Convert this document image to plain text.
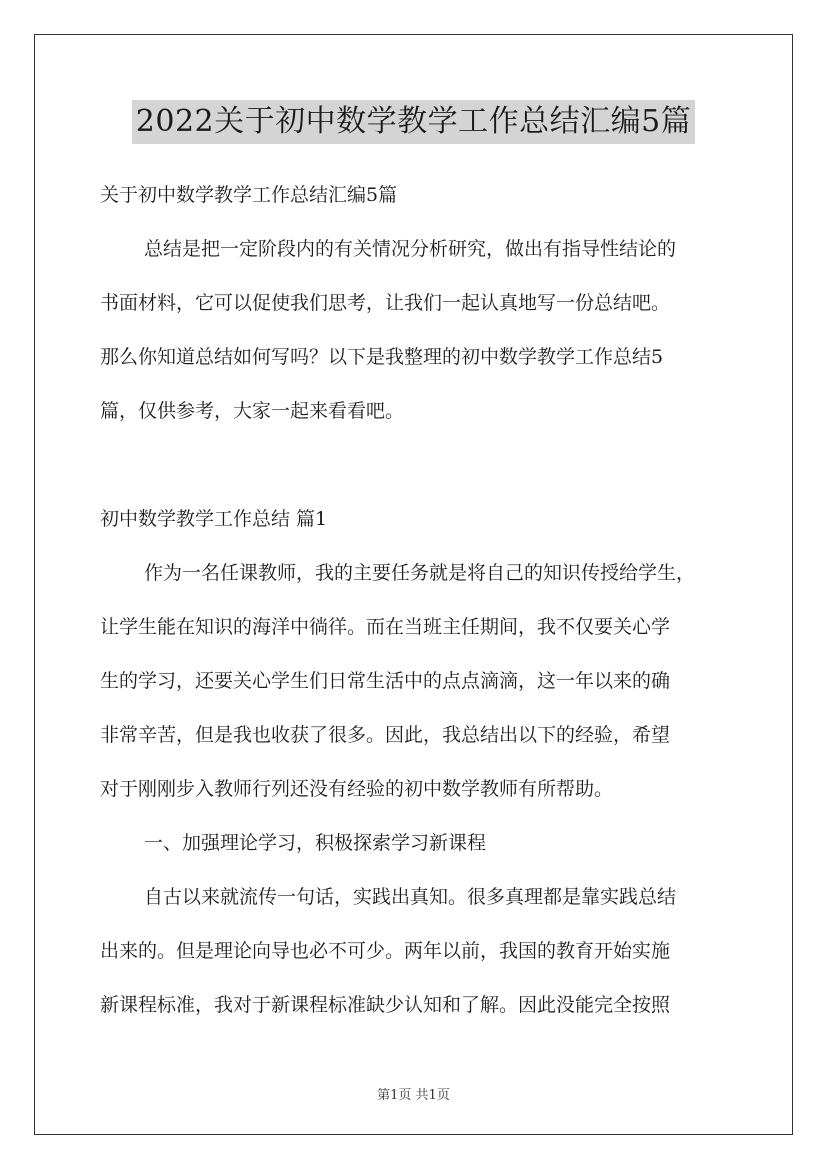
2022关于初中数学教学工作总结汇编5篇
关于初中数学教学工作总结汇编5篇
总结是把一定阶段内的有关情况分析研究，做出有指导性结论的
书面材料，它可以促使我们思考，让我们一起认真地写一份总结吧。
那么你知道总结如何写吗？以下是我整理的初中数学教学工作总结5
篇，仅供参考，大家一起来看看吧。
初中数学教学工作总结 篇1
作为一名任课教师，我的主要任务就是将自己的知识传授给学生，
让学生能在知识的海洋中徜徉。而在当班主任期间，我不仅要关心学
生的学习，还要关心学生们日常生活中的点点滴滴，这一年以来的确
非常辛苦，但是我也收获了很多。因此，我总结出以下的经验，希望
对于刚刚步入教师行列还没有经验的初中数学教师有所帮助。
一、加强理论学习，积极探索学习新课程
自古以来就流传一句话，实践出真知。很多真理都是靠实践总结
出来的。但是理论向导也必不可少。两年以前，我国的教育开始实施
新课程标准，我对于新课程标准缺少认知和了解。因此没能完全按照
第1页 共1页
